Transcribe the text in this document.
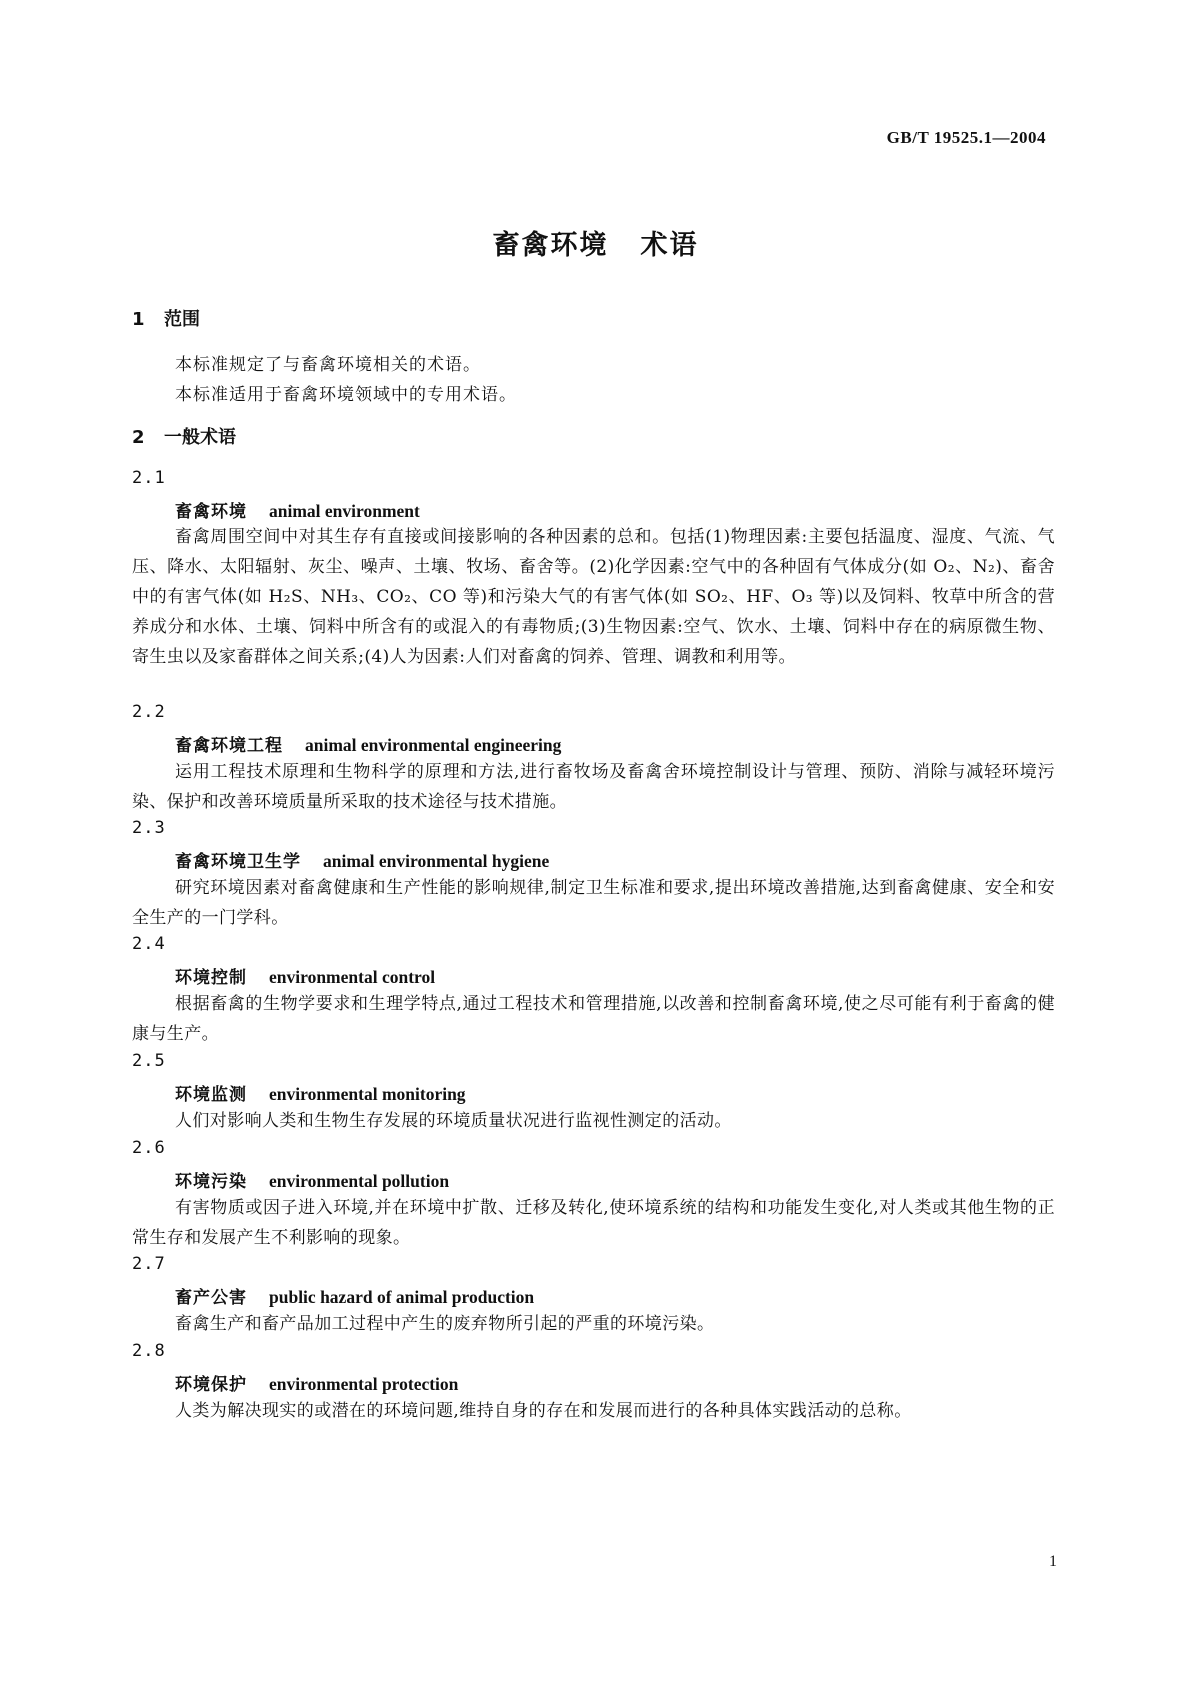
GB/T 19525.1—2004

畜禽环境 术语

1 范围

本标准规定了与畜禽环境相关的术语。

本标准适用于畜禽环境领域中的专用术语。

2 一般术语

2.1

畜禽环境 animal environment

畜禽周围空间中对其生存有直接或间接影响的各种因素的总和。包括(1)物理因素:主要包括温度、湿度、气流、气压、降水、太阳辐射、灰尘、噪声、土壤、牧场、畜舍等。(2)化学因素:空气中的各种固有气体成分(如 O₂、N₂)、畜舍中的有害气体(如 H₂S、NH₃、CO₂、CO 等)和污染大气的有害气体(如 SO₂、HF、O₃ 等)以及饲料、牧草中所含的营养成分和水体、土壤、饲料中所含有的或混入的有毒物质;(3)生物因素:空气、饮水、土壤、饲料中存在的病原微生物、寄生虫以及家畜群体之间关系;(4)人为因素:人们对畜禽的饲养、管理、调教和利用等。

2.2

畜禽环境工程 animal environmental engineering

运用工程技术原理和生物科学的原理和方法,进行畜牧场及畜禽舍环境控制设计与管理、预防、消除与减轻环境污染、保护和改善环境质量所采取的技术途径与技术措施。

2.3

畜禽环境卫生学 animal environmental hygiene

研究环境因素对畜禽健康和生产性能的影响规律,制定卫生标准和要求,提出环境改善措施,达到畜禽健康、安全和安全生产的一门学科。

2.4

环境控制 environmental control

根据畜禽的生物学要求和生理学特点,通过工程技术和管理措施,以改善和控制畜禽环境,使之尽可能有利于畜禽的健康与生产。

2.5

环境监测 environmental monitoring

人们对影响人类和生物生存发展的环境质量状况进行监视性测定的活动。

2.6

环境污染 environmental pollution

有害物质或因子进入环境,并在环境中扩散、迁移及转化,使环境系统的结构和功能发生变化,对人类或其他生物的正常生存和发展产生不利影响的现象。

2.7

畜产公害 public hazard of animal production

畜禽生产和畜产品加工过程中产生的废弃物所引起的严重的环境污染。

2.8

环境保护 environmental protection

人类为解决现实的或潜在的环境问题,维持自身的存在和发展而进行的各种具体实践活动的总称。

1
